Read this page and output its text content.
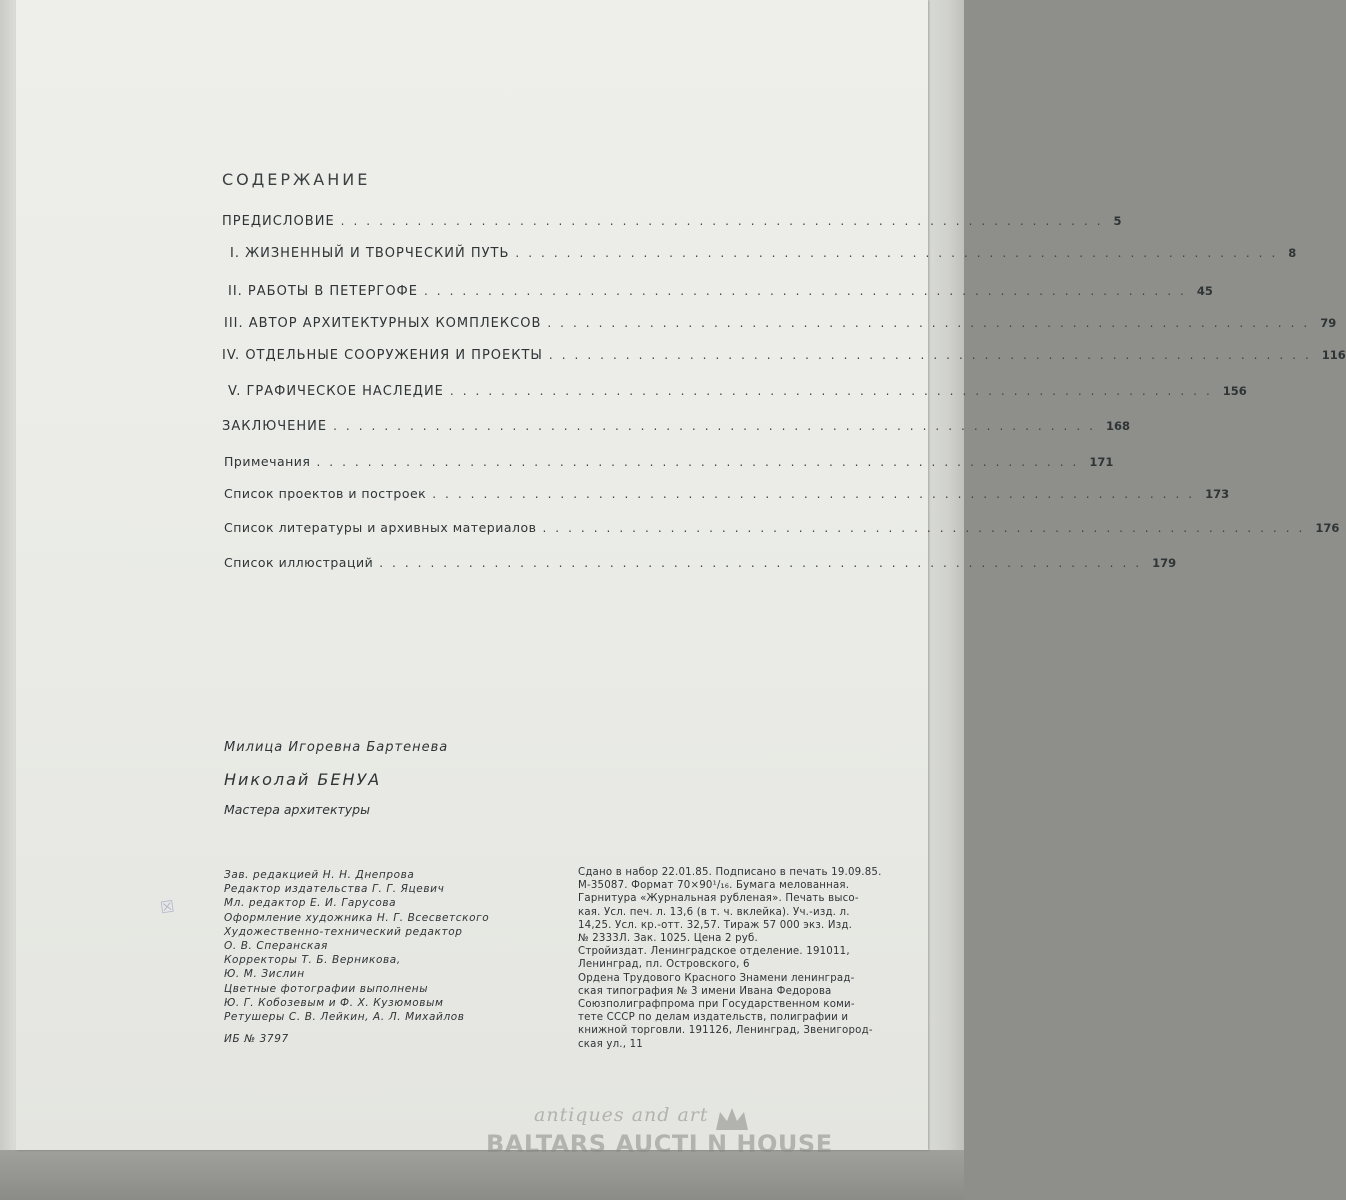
СОДЕРЖАНИЕ
ПРЕДИСЛОВИЕ ............................................................ 5
I. ЖИЗНЕННЫЙ И ТВОРЧЕСКИЙ ПУТЬ ............................................................ 8
II. РАБОТЫ В ПЕТЕРГОФЕ ............................................................ 45
III. АВТОР АРХИТЕКТУРНЫХ КОМПЛЕКСОВ ............................................................ 79
IV. ОТДЕЛЬНЫЕ СООРУЖЕНИЯ И ПРОЕКТЫ ............................................................ 116
V. ГРАФИЧЕСКОЕ НАСЛЕДИЕ ............................................................ 156
ЗАКЛЮЧЕНИЕ ............................................................ 168
Примечания ............................................................ 171
Список проектов и построек ............................................................ 173
Список литературы и архивных материалов ............................................................ 176
Список иллюстраций ............................................................ 179

Милица Игоревна Бартенева

Николай БЕНУА

Мастера архитектуры

☒
Зав. редакцией Н. Н. Днепрова
Редактор издательства Г. Г. Яцевич
Мл. редактор Е. И. Гарусова
Оформление художника Н. Г. Всесветского
Художественно-технический редактор
О. В. Сперанская
Корректоры Т. Б. Верникова,
Ю. М. Зислин
Цветные фотографии выполнены
Ю. Г. Кобозевым и Ф. Х. Кузюмовым
Ретушеры С. В. Лейкин, А. Л. Михайлов
ИБ № 3797
Сдано в набор 22.01.85. Подписано в печать 19.09.85.
М-35087. Формат 70×90¹/₁₆. Бумага мелованная.
Гарнитура «Журнальная рубленая». Печать высо-
кая. Усл. печ. л. 13,6 (в т. ч. вклейка). Уч.-изд. л.
14,25. Усл. кр.-отт. 32,57. Тираж 57 000 экз. Изд.
№ 2333Л. Зак. 1025. Цена 2 руб.
Стройиздат. Ленинградское отделение. 191011,
Ленинград, пл. Островского, 6
Ордена Трудового Красного Знамени ленинград-
ская типография № 3 имени Ивана Федорова
Союзполиграфпрома при Государственном коми-
тете СССР по делам издательств, полиграфии и
книжной торговли. 191126, Ленинград, Звенигород-
ская ул., 11
antiques and art
BALTARS AUCTI N HOUSE
